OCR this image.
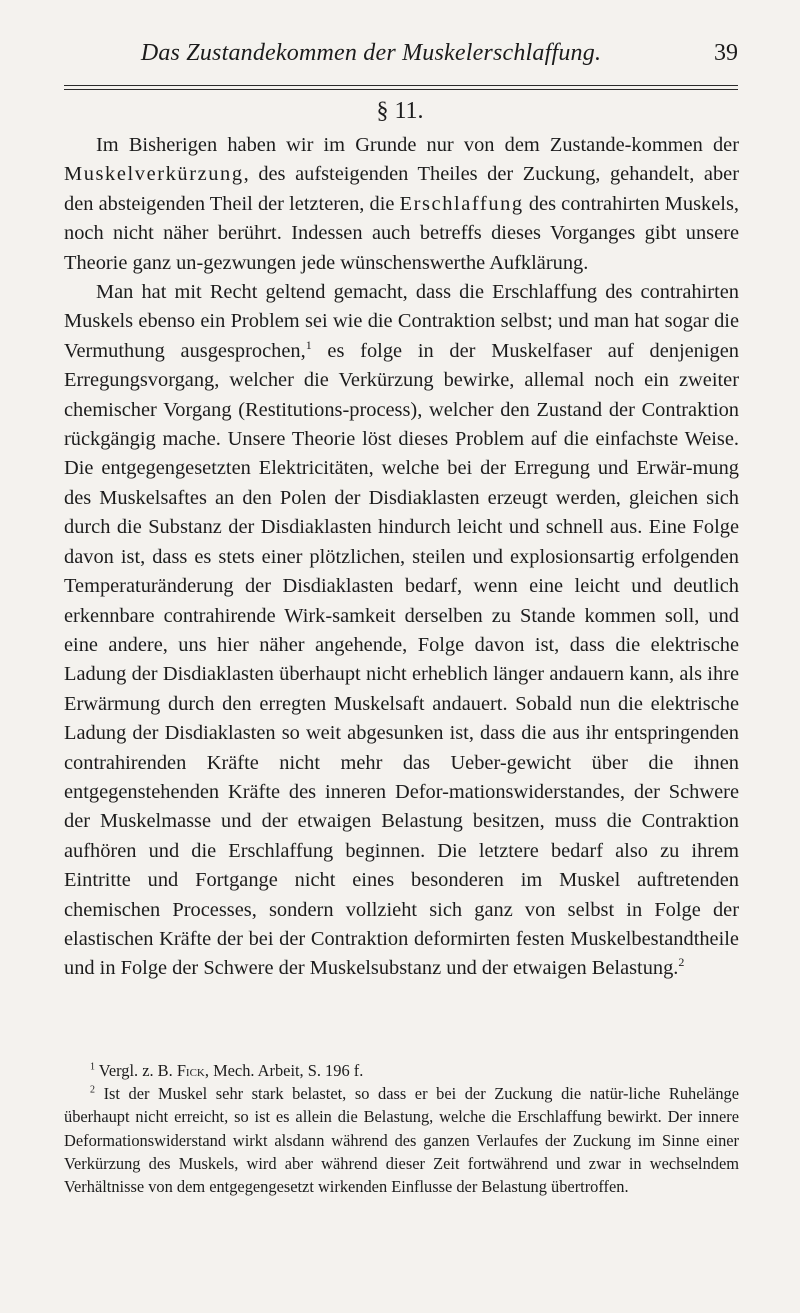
Das Zustandekommen der Muskelerschlaffung.	39
§ 11.

Im Bisherigen haben wir im Grunde nur von dem Zustande-kommen der Muskelverkürzung, des aufsteigenden Theiles der Zuckung, gehandelt, aber den absteigenden Theil der letzteren, die Erschlaffung des contrahirten Muskels, noch nicht näher berührt. Indessen auch betreffs dieses Vorganges gibt unsere Theorie ganz un-gezwungen jede wünschenswerthe Aufklärung.

Man hat mit Recht geltend gemacht, dass die Erschlaffung des contrahirten Muskels ebenso ein Problem sei wie die Contraktion selbst; und man hat sogar die Vermuthung ausgesprochen,$^1$ es folge in der Muskelfaser auf denjenigen Erregungsvorgang, welcher die Verkürzung bewirke, allemal noch ein zweiter chemischer Vorgang (Restitutions-process), welcher den Zustand der Contraktion rückgängig mache. Unsere Theorie löst dieses Problem auf die einfachste Weise. Die entgegengesetzten Elektricitäten, welche bei der Erregung und Erwär-mung des Muskelsaftes an den Polen der Disdiaklasten erzeugt werden, gleichen sich durch die Substanz der Disdiaklasten hindurch leicht und schnell aus. Eine Folge davon ist, dass es stets einer plötzlichen, steilen und explosionsartig erfolgenden Temperaturänderung der Disdiaklasten bedarf, wenn eine leicht und deutlich erkennbare contrahirende Wirk-samkeit derselben zu Stande kommen soll, und eine andere, uns hier näher angehende, Folge davon ist, dass die elektrische Ladung der Disdiaklasten überhaupt nicht erheblich länger andauern kann, als ihre Erwärmung durch den erregten Muskelsaft andauert. Sobald nun die elektrische Ladung der Disdiaklasten so weit abgesunken ist, dass die aus ihr entspringenden contrahirenden Kräfte nicht mehr das Ueber-gewicht über die ihnen entgegenstehenden Kräfte des inneren Defor-mationswiderstandes, der Schwere der Muskelmasse und der etwaigen Belastung besitzen, muss die Contraktion aufhören und die Erschlaffung beginnen. Die letztere bedarf also zu ihrem Eintritte und Fortgange nicht eines besonderen im Muskel auftretenden chemischen Processes, sondern vollzieht sich ganz von selbst in Folge der elastischen Kräfte der bei der Contraktion deformirten festen Muskelbestandtheile und in Folge der Schwere der Muskelsubstanz und der etwaigen Belastung.$^2$

$^1$ Vergl. z. B. Fick, Mech. Arbeit, S. 196 f.

$^2$ Ist der Muskel sehr stark belastet, so dass er bei der Zuckung die natür-liche Ruhelänge überhaupt nicht erreicht, so ist es allein die Belastung, welche die Erschlaffung bewirkt. Der innere Deformationswiderstand wirkt alsdann während des ganzen Verlaufes der Zuckung im Sinne einer Verkürzung des Muskels, wird aber während dieser Zeit fortwährend und zwar in wechselndem Verhältnisse von dem entgegengesetzt wirkenden Einflusse der Belastung übertroffen.
